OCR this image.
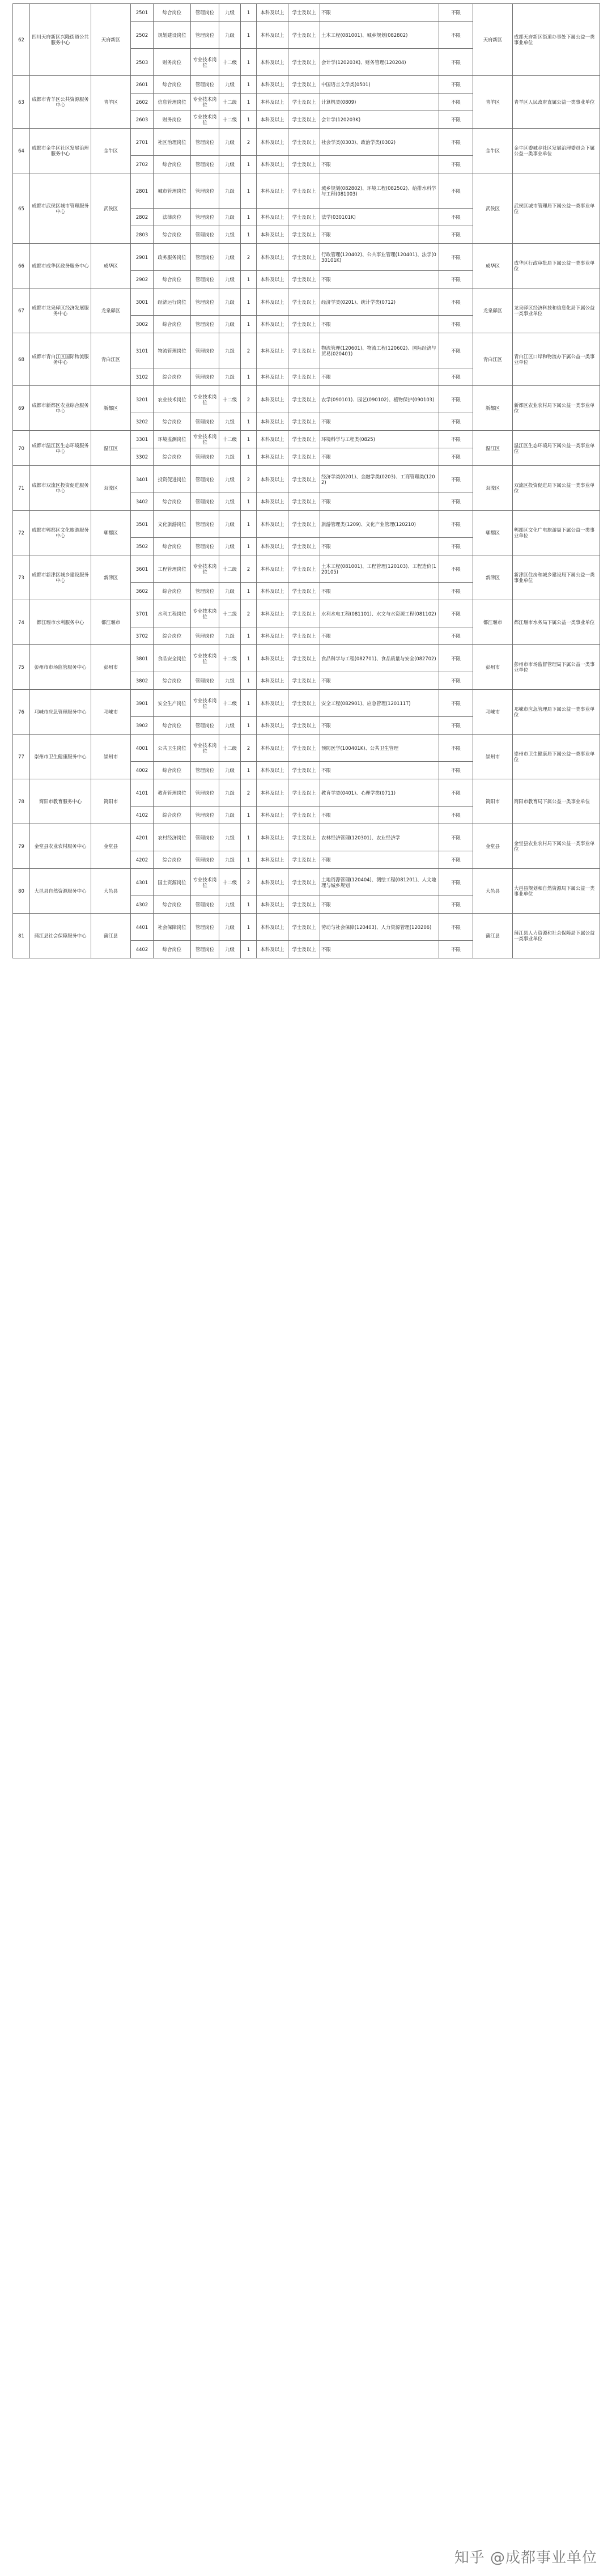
62	四川天府新区兴隆街道公共服务中心	天府新区	2501	综合岗位	管理岗位	九级	1	本科及以上	学士及以上	不限	不限	天府新区	成都天府新区街道办事处下属公益一类事业单位
			2502	规划建设岗位	管理岗位	九级	1	本科及以上	学士及以上	土木工程(081001)、城乡规划(082802)	不限		
			2503	财务岗位	专业技术岗位	十二级	1	本科及以上	学士及以上	会计学(120203K)、财务管理(120204)	不限		
63	成都市青羊区公共资源服务中心	青羊区	2601	综合岗位	管理岗位	九级	1	本科及以上	学士及以上	中国语言文学类(0501)	不限	青羊区	青羊区人民政府直属公益一类事业单位
			2602	信息管理岗位	专业技术岗位	十二级	1	本科及以上	学士及以上	计算机类(0809)	不限		
			2603	财务岗位	专业技术岗位	十二级	1	本科及以上	学士及以上	会计学(120203K)	不限		
64	成都市金牛区社区发展治理服务中心	金牛区	2701	社区治理岗位	管理岗位	九级	2	本科及以上	学士及以上	社会学类(0303)、政治学类(0302)	不限	金牛区	金牛区委城乡社区发展治理委员会下属公益一类事业单位
			2702	综合岗位	管理岗位	九级	1	本科及以上	学士及以上	不限	不限		
65	成都市武侯区城市管理服务中心	武侯区	2801	城市管理岗位	管理岗位	九级	1	本科及以上	学士及以上	城乡规划(082802)、环境工程(082502)、给排水科学与工程(081003)	不限	武侯区	武侯区城市管理局下属公益一类事业单位
			2802	法律岗位	管理岗位	九级	1	本科及以上	学士及以上	法学(030101K)	不限		
			2803	综合岗位	管理岗位	九级	1	本科及以上	学士及以上	不限	不限		
66	成都市成华区政务服务中心	成华区	2901	政务服务岗位	管理岗位	九级	2	本科及以上	学士及以上	行政管理(120402)、公共事业管理(120401)、法学(030101K)	不限	成华区	成华区行政审批局下属公益一类事业单位
			2902	综合岗位	管理岗位	九级	1	本科及以上	学士及以上	不限	不限		
67	成都市龙泉驿区经济发展服务中心	龙泉驿区	3001	经济运行岗位	管理岗位	九级	1	本科及以上	学士及以上	经济学类(0201)、统计学类(0712)	不限	龙泉驿区	龙泉驿区经济科技和信息化局下属公益一类事业单位
			3002	综合岗位	管理岗位	九级	1	本科及以上	学士及以上	不限	不限		
68	成都市青白江区国际物流服务中心	青白江区	3101	物流管理岗位	管理岗位	九级	2	本科及以上	学士及以上	物流管理(120601)、物流工程(120602)、国际经济与贸易(020401)	不限	青白江区	青白江区口岸和物流办下属公益一类事业单位
			3102	综合岗位	管理岗位	九级	1	本科及以上	学士及以上	不限	不限		
69	成都市新都区农业综合服务中心	新都区	3201	农业技术岗位	专业技术岗位	十二级	2	本科及以上	学士及以上	农学(090101)、园艺(090102)、植物保护(090103)	不限	新都区	新都区农业农村局下属公益一类事业单位
			3202	综合岗位	管理岗位	九级	1	本科及以上	学士及以上	不限	不限		
70	成都市温江区生态环境服务中心	温江区	3301	环境监测岗位	专业技术岗位	十二级	1	本科及以上	学士及以上	环境科学与工程类(0825)	不限	温江区	温江区生态环境局下属公益一类事业单位
			3302	综合岗位	管理岗位	九级	1	本科及以上	学士及以上	不限	不限		
71	成都市双流区投资促进服务中心	双流区	3401	投资促进岗位	管理岗位	九级	2	本科及以上	学士及以上	经济学类(0201)、金融学类(0203)、工商管理类(1202)	不限	双流区	双流区投资促进局下属公益一类事业单位
			3402	综合岗位	管理岗位	九级	1	本科及以上	学士及以上	不限	不限		
72	成都市郫都区文化旅游服务中心	郫都区	3501	文化旅游岗位	管理岗位	九级	1	本科及以上	学士及以上	旅游管理类(1209)、文化产业管理(120210)	不限	郫都区	郫都区文化广电旅游局下属公益一类事业单位
			3502	综合岗位	管理岗位	九级	1	本科及以上	学士及以上	不限	不限		
73	成都市新津区城乡建设服务中心	新津区	3601	工程管理岗位	专业技术岗位	十二级	2	本科及以上	学士及以上	土木工程(081001)、工程管理(120103)、工程造价(120105)	不限	新津区	新津区住房和城乡建设局下属公益一类事业单位
			3602	综合岗位	管理岗位	九级	1	本科及以上	学士及以上	不限	不限		
74	都江堰市水利服务中心	都江堰市	3701	水利工程岗位	专业技术岗位	十二级	2	本科及以上	学士及以上	水利水电工程(081101)、水文与水资源工程(081102)	不限	都江堰市	都江堰市水务局下属公益一类事业单位
			3702	综合岗位	管理岗位	九级	1	本科及以上	学士及以上	不限	不限		
75	彭州市市场监管服务中心	彭州市	3801	食品安全岗位	专业技术岗位	十二级	1	本科及以上	学士及以上	食品科学与工程(082701)、食品质量与安全(082702)	不限	彭州市	彭州市市场监督管理局下属公益一类事业单位
			3802	综合岗位	管理岗位	九级	1	本科及以上	学士及以上	不限	不限		
76	邛崃市应急管理服务中心	邛崃市	3901	安全生产岗位	专业技术岗位	十二级	1	本科及以上	学士及以上	安全工程(082901)、应急管理(120111T)	不限	邛崃市	邛崃市应急管理局下属公益一类事业单位
			3902	综合岗位	管理岗位	九级	1	本科及以上	学士及以上	不限	不限		
77	崇州市卫生健康服务中心	崇州市	4001	公共卫生岗位	专业技术岗位	十二级	2	本科及以上	学士及以上	预防医学(100401K)、公共卫生管理	不限	崇州市	崇州市卫生健康局下属公益一类事业单位
			4002	综合岗位	管理岗位	九级	1	本科及以上	学士及以上	不限	不限		
78	简阳市教育服务中心	简阳市	4101	教育管理岗位	管理岗位	九级	2	本科及以上	学士及以上	教育学类(0401)、心理学类(0711)	不限	简阳市	简阳市教育局下属公益一类事业单位
			4102	综合岗位	管理岗位	九级	1	本科及以上	学士及以上	不限	不限		
79	金堂县农业农村服务中心	金堂县	4201	农村经济岗位	管理岗位	九级	1	本科及以上	学士及以上	农林经济管理(120301)、农业经济学	不限	金堂县	金堂县农业农村局下属公益一类事业单位
			4202	综合岗位	管理岗位	九级	1	本科及以上	学士及以上	不限	不限		
80	大邑县自然资源服务中心	大邑县	4301	国土资源岗位	专业技术岗位	十二级	2	本科及以上	学士及以上	土地资源管理(120404)、测绘工程(081201)、人文地理与城乡规划	不限	大邑县	大邑县规划和自然资源局下属公益一类事业单位
			4302	综合岗位	管理岗位	九级	1	本科及以上	学士及以上	不限	不限		
81	蒲江县社会保障服务中心	蒲江县	4401	社会保障岗位	管理岗位	九级	1	本科及以上	学士及以上	劳动与社会保障(120403)、人力资源管理(120206)	不限	蒲江县	蒲江县人力资源和社会保障局下属公益一类事业单位
			4402	综合岗位	管理岗位	九级	1	本科及以上	学士及以上	不限	不限		
知乎 @成都事业单位
